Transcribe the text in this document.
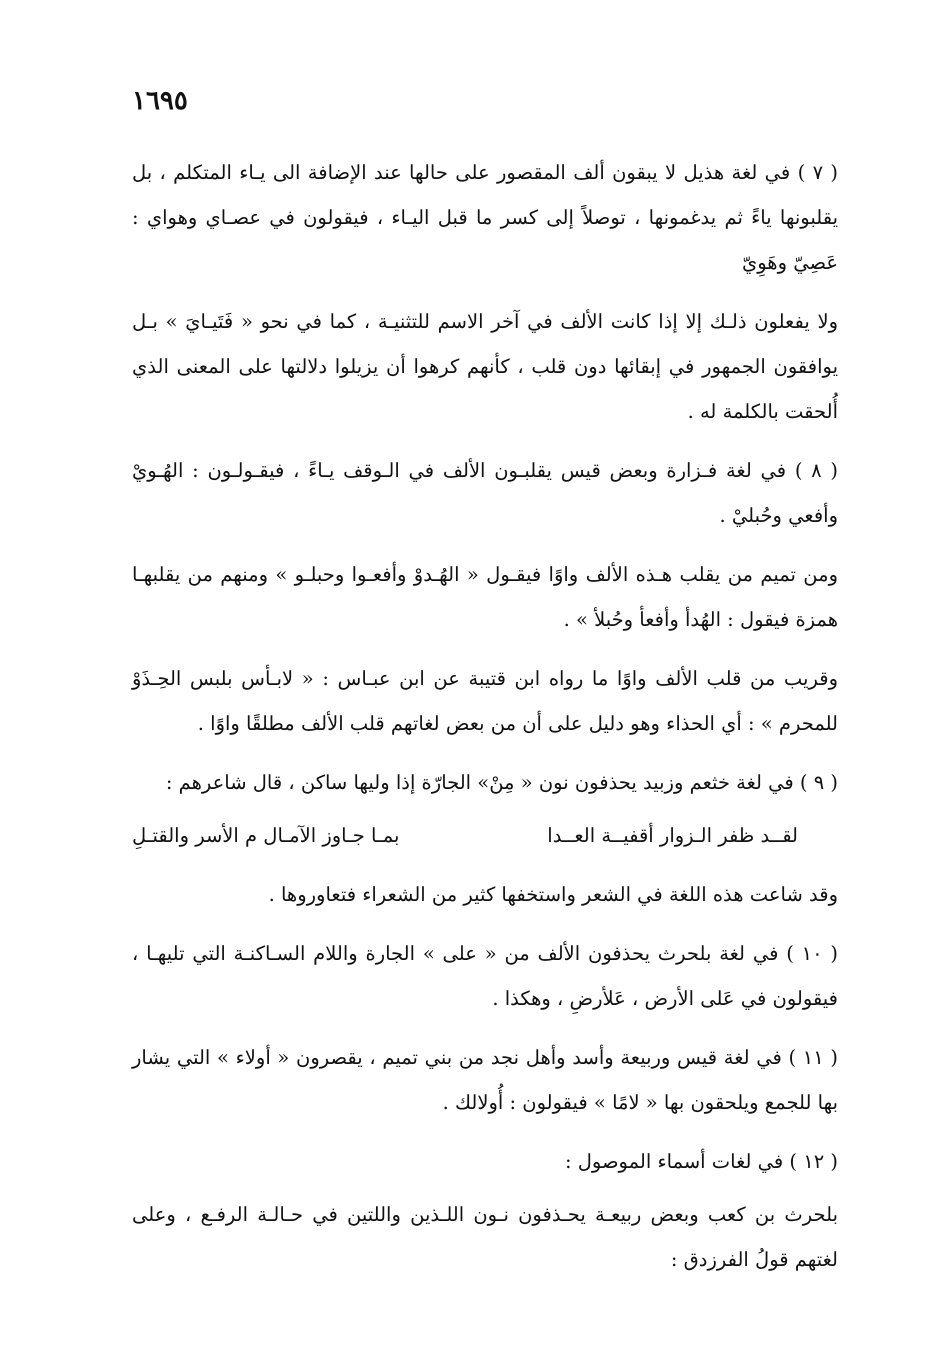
١٦٩٥

( ٧ ) في لغة هذيل لا يبقون ألف المقصور على حالها عند الإضافة الى يـاء المتكلم ، بل يقلبونها ياءً ثم يدغمونها ، توصلاً إلى كسر ما قبل اليـاء ، فيقولون في عصـاي وهواي : عَصِيّ وهَوِيّ

ولا يفعلون ذلـك إلا إذا كانت الألف في آخر الاسم للتثنيـة ، كما في نحو « فَتَيـايَ » بـل يوافقون الجمهور في إبقائها دون قلب ، كأنهم كرهوا أن يزيلوا دلالتها على المعنى الذي أُلحقت بالكلمة له .

( ٨ ) في لغة فـزارة وبعض قيس يقلبـون الألف في الـوقف يـاءً ، فيقـولـون : الهُـويْ وأفعي وحُبليْ .

ومن تميم من يقلب هـذه الألف واوًا فيقـول « الهُـدوْ وأفعـوا وحبلـو » ومنهم من يقلبهـا همزة فيقول : الهُدأ وأفعأ وحُبلأ » .

وقريب من قلب الألف واوًا ما رواه ابن قتيبة عن ابن عبـاس : « لابـأس بلبس الحِـذَوْ للمحرم » : أي الحذاء وهو دليل على أن من بعض لغاتهم قلب الألف مطلقًا واوًا .

( ٩ ) في لغة خثعم وزبيد يحذفون نون « مِنْ» الجارّة إذا وليها ساكن ، قال شاعرهم :

لقــد ظفر الـزوار أقفيــة العــدا
بمـا جـاوز الآمـال م الأسر والقتـلِ

وقد شاعت هذه اللغة في الشعر واستخفها كثير من الشعراء فتعاوروها .

( ١٠ ) في لغة بلحرث يحذفون الألف من « على » الجارة واللام السـاكنـة التي تليهـا ، فيقولون في عَلى الأرض ، عَلأرضِ ، وهكذا .

( ١١ ) في لغة قيس وربيعة وأسد وأهل نجد من بني تميم ، يقصرون « أولاء » التي يشار بها للجمع ويلحقون بها « لامًا » فيقولون : أُولالك .

( ١٢ ) في لغات أسماء الموصول :

بلحرث بن كعب وبعض ربيعـة يحـذفون نـون اللـذين واللتين في حـالـة الرفـع ، وعلى لغتهم قولُ الفرزدق :
